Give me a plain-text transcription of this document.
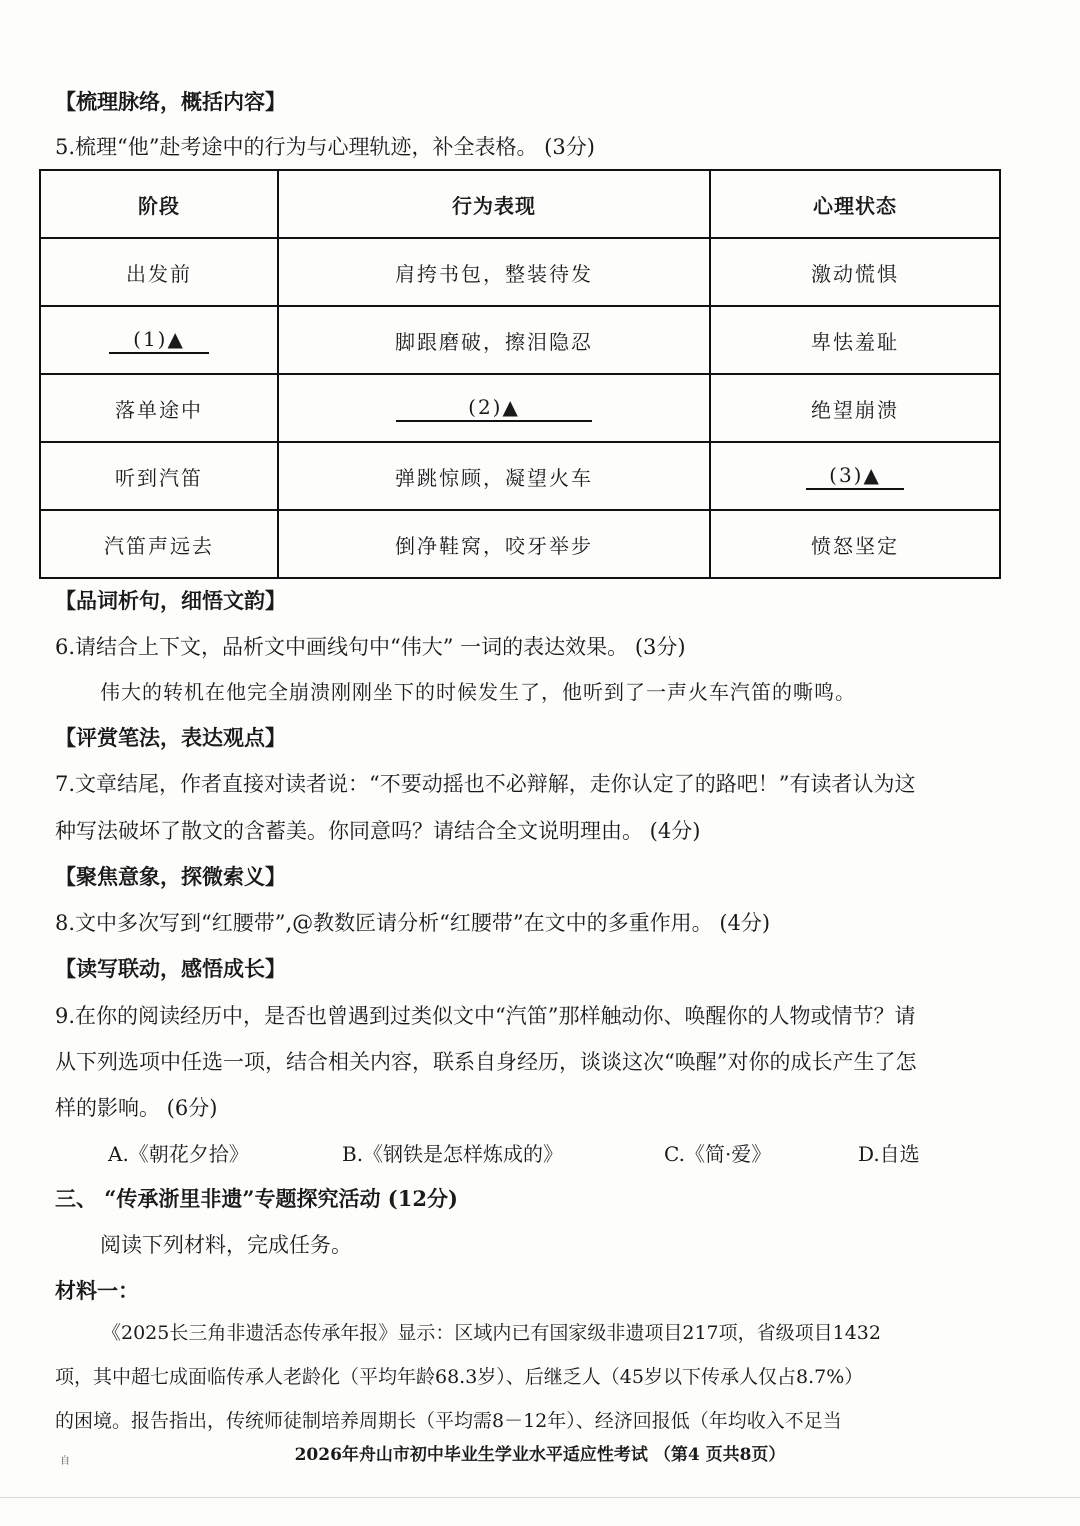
【梳理脉络，概括内容】
5.梳理“他”赴考途中的行为与心理轨迹，补全表格。 (3分)
阶段	行为表现	心理状态
出发前	肩挎书包，整装待发	激动慌惧
(1)▲	脚跟磨破，擦泪隐忍	卑怯羞耻
落单途中	(2)▲	绝望崩溃
听到汽笛	弹跳惊顾，凝望火车	(3)▲
汽笛声远去	倒净鞋窝，咬牙举步	愤怒坚定
【品词析句，细悟文韵】
6.请结合上下文，品析文中画线句中“伟大” 一词的表达效果。 (3分)
伟大的转机在他完全崩溃刚刚坐下的时候发生了，他听到了一声火车汽笛的嘶鸣。
【评赏笔法，表达观点】
7.文章结尾，作者直接对读者说：“不要动摇也不必辩解，走你认定了的路吧！”有读者认为这
种写法破坏了散文的含蓄美。你同意吗？请结合全文说明理由。 (4分)
【聚焦意象，探微索义】
8.文中多次写到“红腰带”,@教数匠请分析“红腰带”在文中的多重作用。 (4分)
【读写联动，感悟成长】
9.在你的阅读经历中，是否也曾遇到过类似文中“汽笛”那样触动你、唤醒你的人物或情节？请
从下列选项中任选一项，结合相关内容，联系自身经历，谈谈这次“唤醒”对你的成长产生了怎
样的影响。 (6分)
A.《朝花夕拾》	B.《钢铁是怎样炼成的》	C.《简·爱》	D.自选
三、 “传承浙里非遗”专题探究活动 (12分)
阅读下列材料，完成任务。
材料一：
《2025长三角非遗活态传承年报》显示：区域内已有国家级非遗项目217项，省级项目1432
项，其中超七成面临传承人老龄化（平均年龄68.3岁）、后继乏人（45岁以下传承人仅占8.7%）
的困境。报告指出，传统师徒制培养周期长（平均需8－12年）、经济回报低（年均收入不足当
自	2026年舟山市初中毕业生学业水平适应性考试 （第4 页共8页）
